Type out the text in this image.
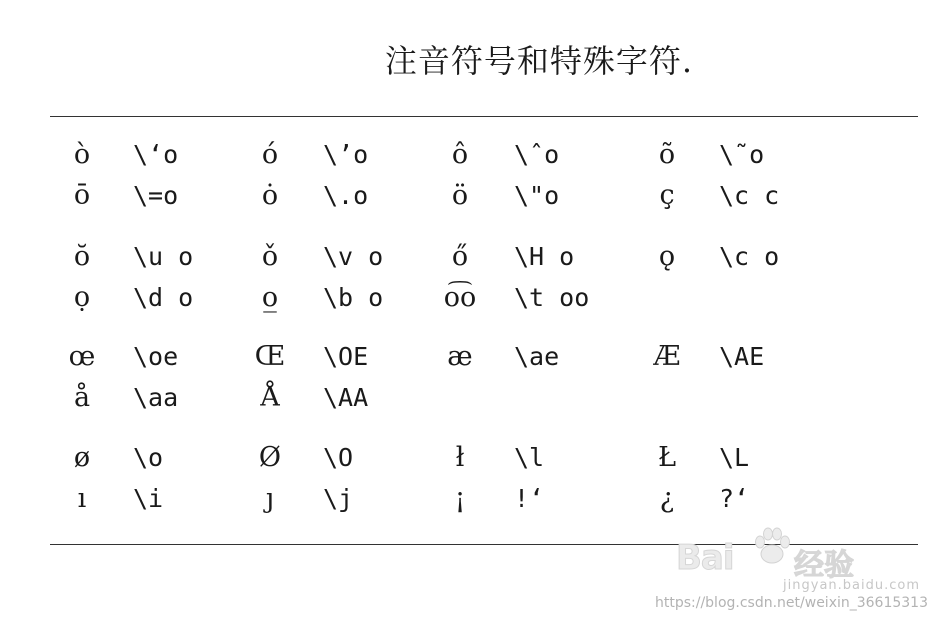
注音符号和特殊字符.
ò	\‘o	ó	\’o	ô	\ˆo	õ	\˜o
ō	\=o	ȯ	\.o	ö	\"o	ç	\c c
ŏ	\u o	ǒ	\v o	ő	\H o	ǫ	\c o
ọ	\d o	o̲	\b o	o͡o	\t oo
œ	\oe	Œ	\OE	æ	\ae	Æ	\AE
å	\aa	Å	\AA
ø	\o	Ø	\O	ł	\l	Ł	\L
ı	\i	ȷ	\j	¡	!‘	¿	?‘
Bai 经验
jingyan.baidu.com
https://blog.csdn.net/weixin_36615313
